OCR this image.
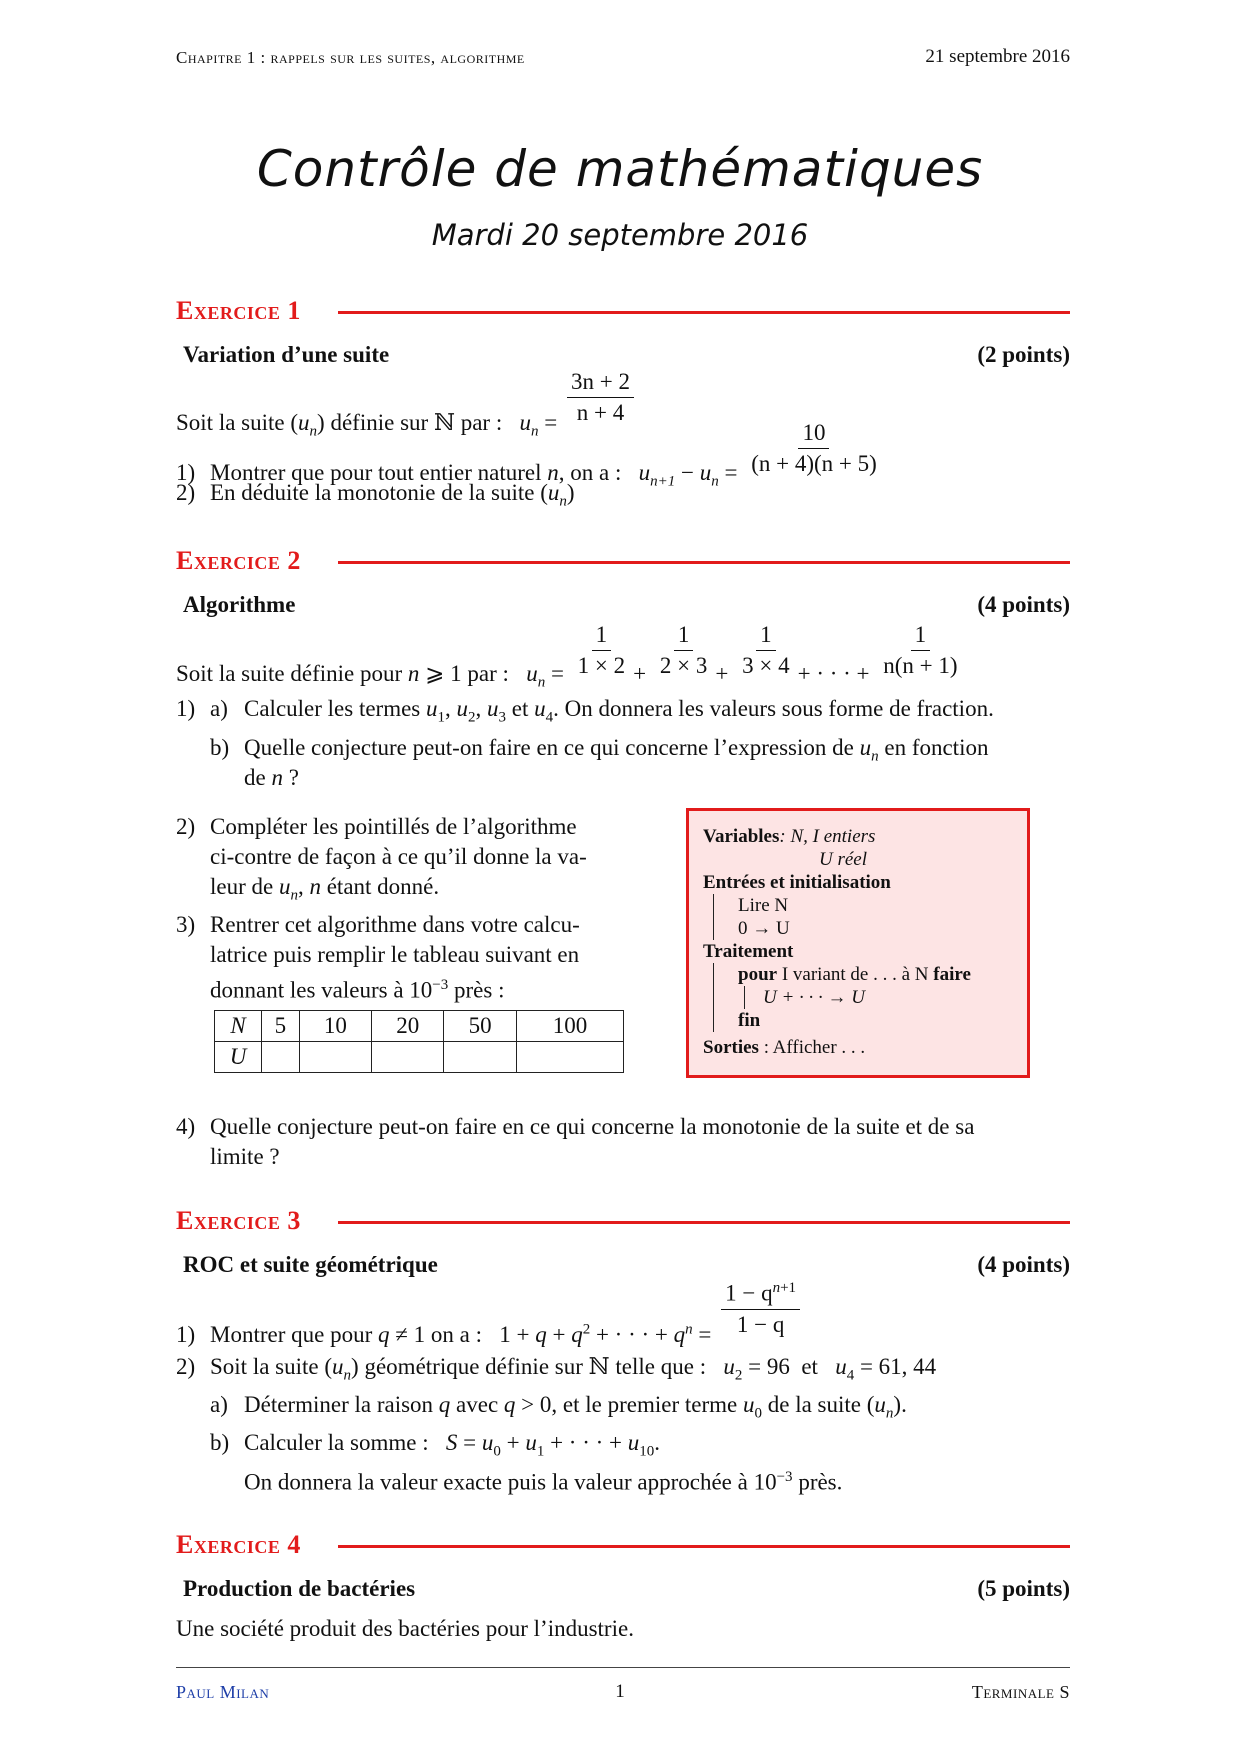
Chapitre 1 : rappels sur les suites, algorithme	21 septembre 2016
Contrôle de mathématiques
Mardi 20 septembre 2016
Exercice 1
Variation d’une suite	(2 points)
Soit la suite $(u_n)$ définie sur ℕ par : $u_n = \frac{3n + 2}{n + 4}$
1) Montrer que pour tout entier naturel n, on a : $u_{n+1} - u_n = \frac{10}{(n + 4)(n + 5)}$
2) En déduite la monotonie de la suite $(u_n)$
Exercice 2
Algorithme	(4 points)
Soit la suite définie pour n ⩾ 1 par : $u_n = \frac{1}{1 \times 2} + \frac{1}{2 \times 3} + \frac{1}{3 \times 4}$ + · · · + $\frac{1}{n(n + 1)}$
1) a) Calculer les termes $u_1$, $u_2$, $u_3$ et $u_4$. On donnera les valeurs sous forme de fraction.
b) Quelle conjecture peut-on faire en ce qui concerne l’expression de $u_n$ en fonction
de n ?
2) Compléter les pointillés de l’algorithme
ci-contre de façon à ce qu’il donne la va-
leur de $u_n$, n étant donné.
3) Rentrer cet algorithme dans votre calcu-
latrice puis remplir le tableau suivant en
donnant les valeurs à $10^{-3}$ près :
N	5	10	20	50	100
U					
Variables: N, I entiers
U réel
Entrées et initialisation
Lire N
0 → U
Traitement
pour I variant de . . . à N faire
U + · · · → U
fin
Sorties : Afficher . . .
4) Quelle conjecture peut-on faire en ce qui concerne la monotonie de la suite et de sa
limite ?
Exercice 3
ROC et suite géométrique	(4 points)
1) Montrer que pour q ≠ 1 on a :   $1 + q + q^2$ + · · · + $q^n = \frac{1 - q^{n+1}}{1 - q}$
2) Soit la suite $(u_n)$ géométrique définie sur ℕ telle que : $u_2 = 96$ et $u_4 = 61$, 44
a) Déterminer la raison q avec q > 0, et le premier terme $u_0$ de la suite $(u_n)$.
b) Calculer la somme : $S = u_0 + u_1$ + · · · + $u_{10}$.
On donnera la valeur exacte puis la valeur approchée à $10^{-3}$ près.
Exercice 4
Production de bactéries	(5 points)
Une société produit des bactéries pour l’industrie.
Paul Milan	1	Terminale S
